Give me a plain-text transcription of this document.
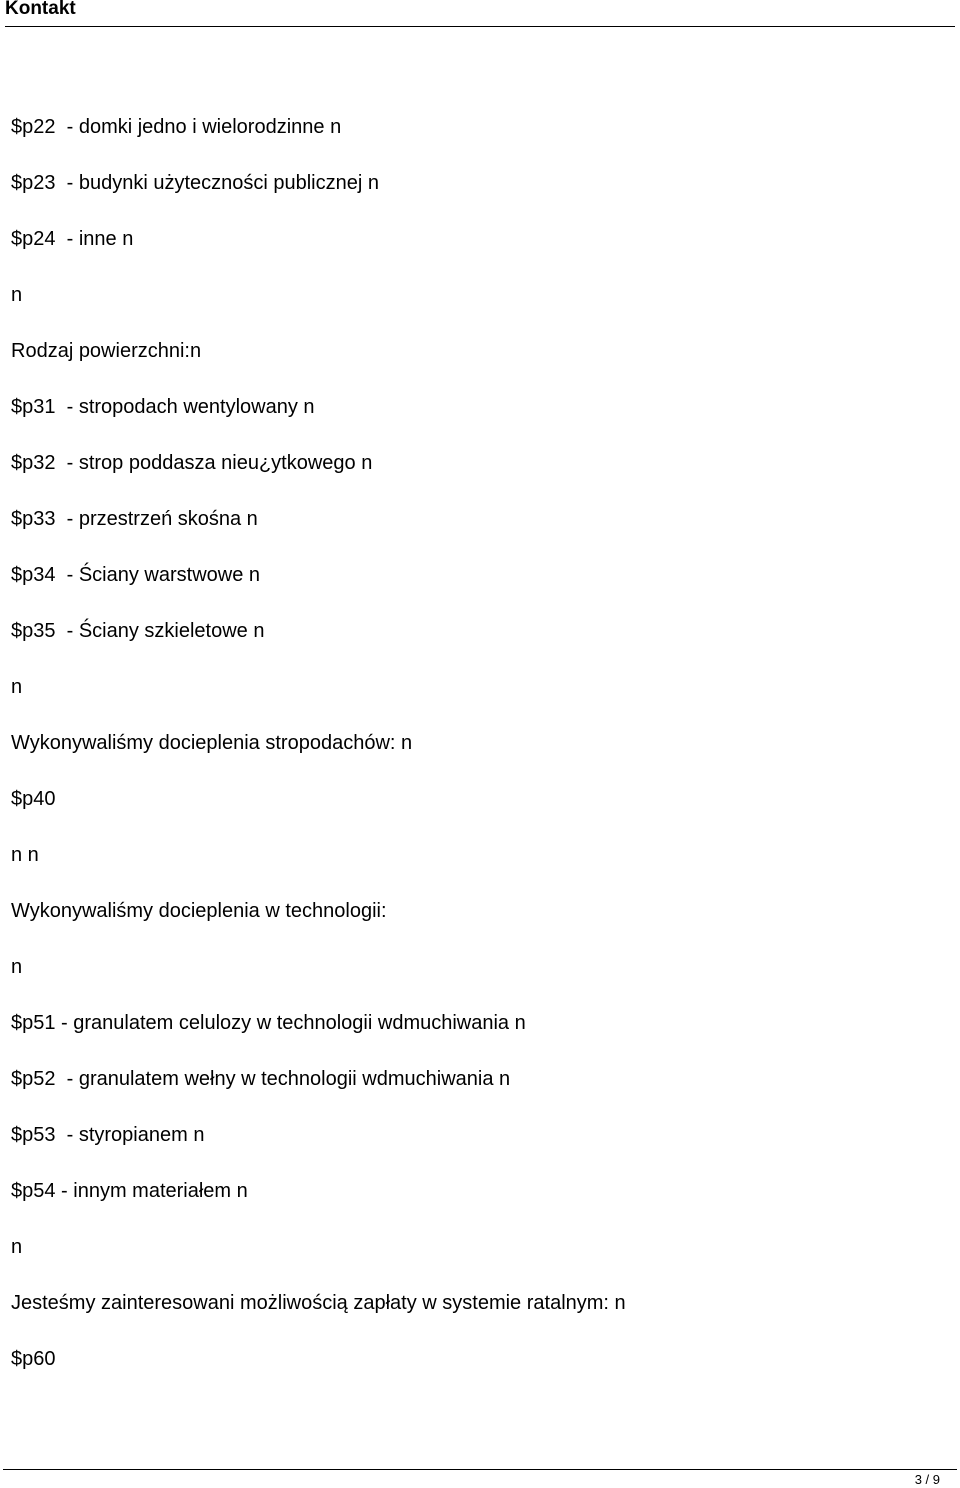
Kontakt
$p22  - domki jedno i wielorodzinne n
$p23  - budynki użyteczności publicznej n
$p24  - inne n
n
Rodzaj powierzchni:n
$p31  - stropodach wentylowany n
$p32  - strop poddasza nieu¿ytkowego n
$p33  - przestrzeń skośna n
$p34  - Ściany warstwowe n
$p35  - Ściany szkieletowe n
n
Wykonywaliśmy docieplenia stropodachów: n
$p40
n n
Wykonywaliśmy docieplenia w technologii:
n
$p51 - granulatem celulozy w technologii wdmuchiwania n
$p52  - granulatem wełny w technologii wdmuchiwania n
$p53  - styropianem n
$p54 - innym materiałem n
n
Jesteśmy zainteresowani możliwością zapłaty w systemie ratalnym: n
$p60
3 / 9
